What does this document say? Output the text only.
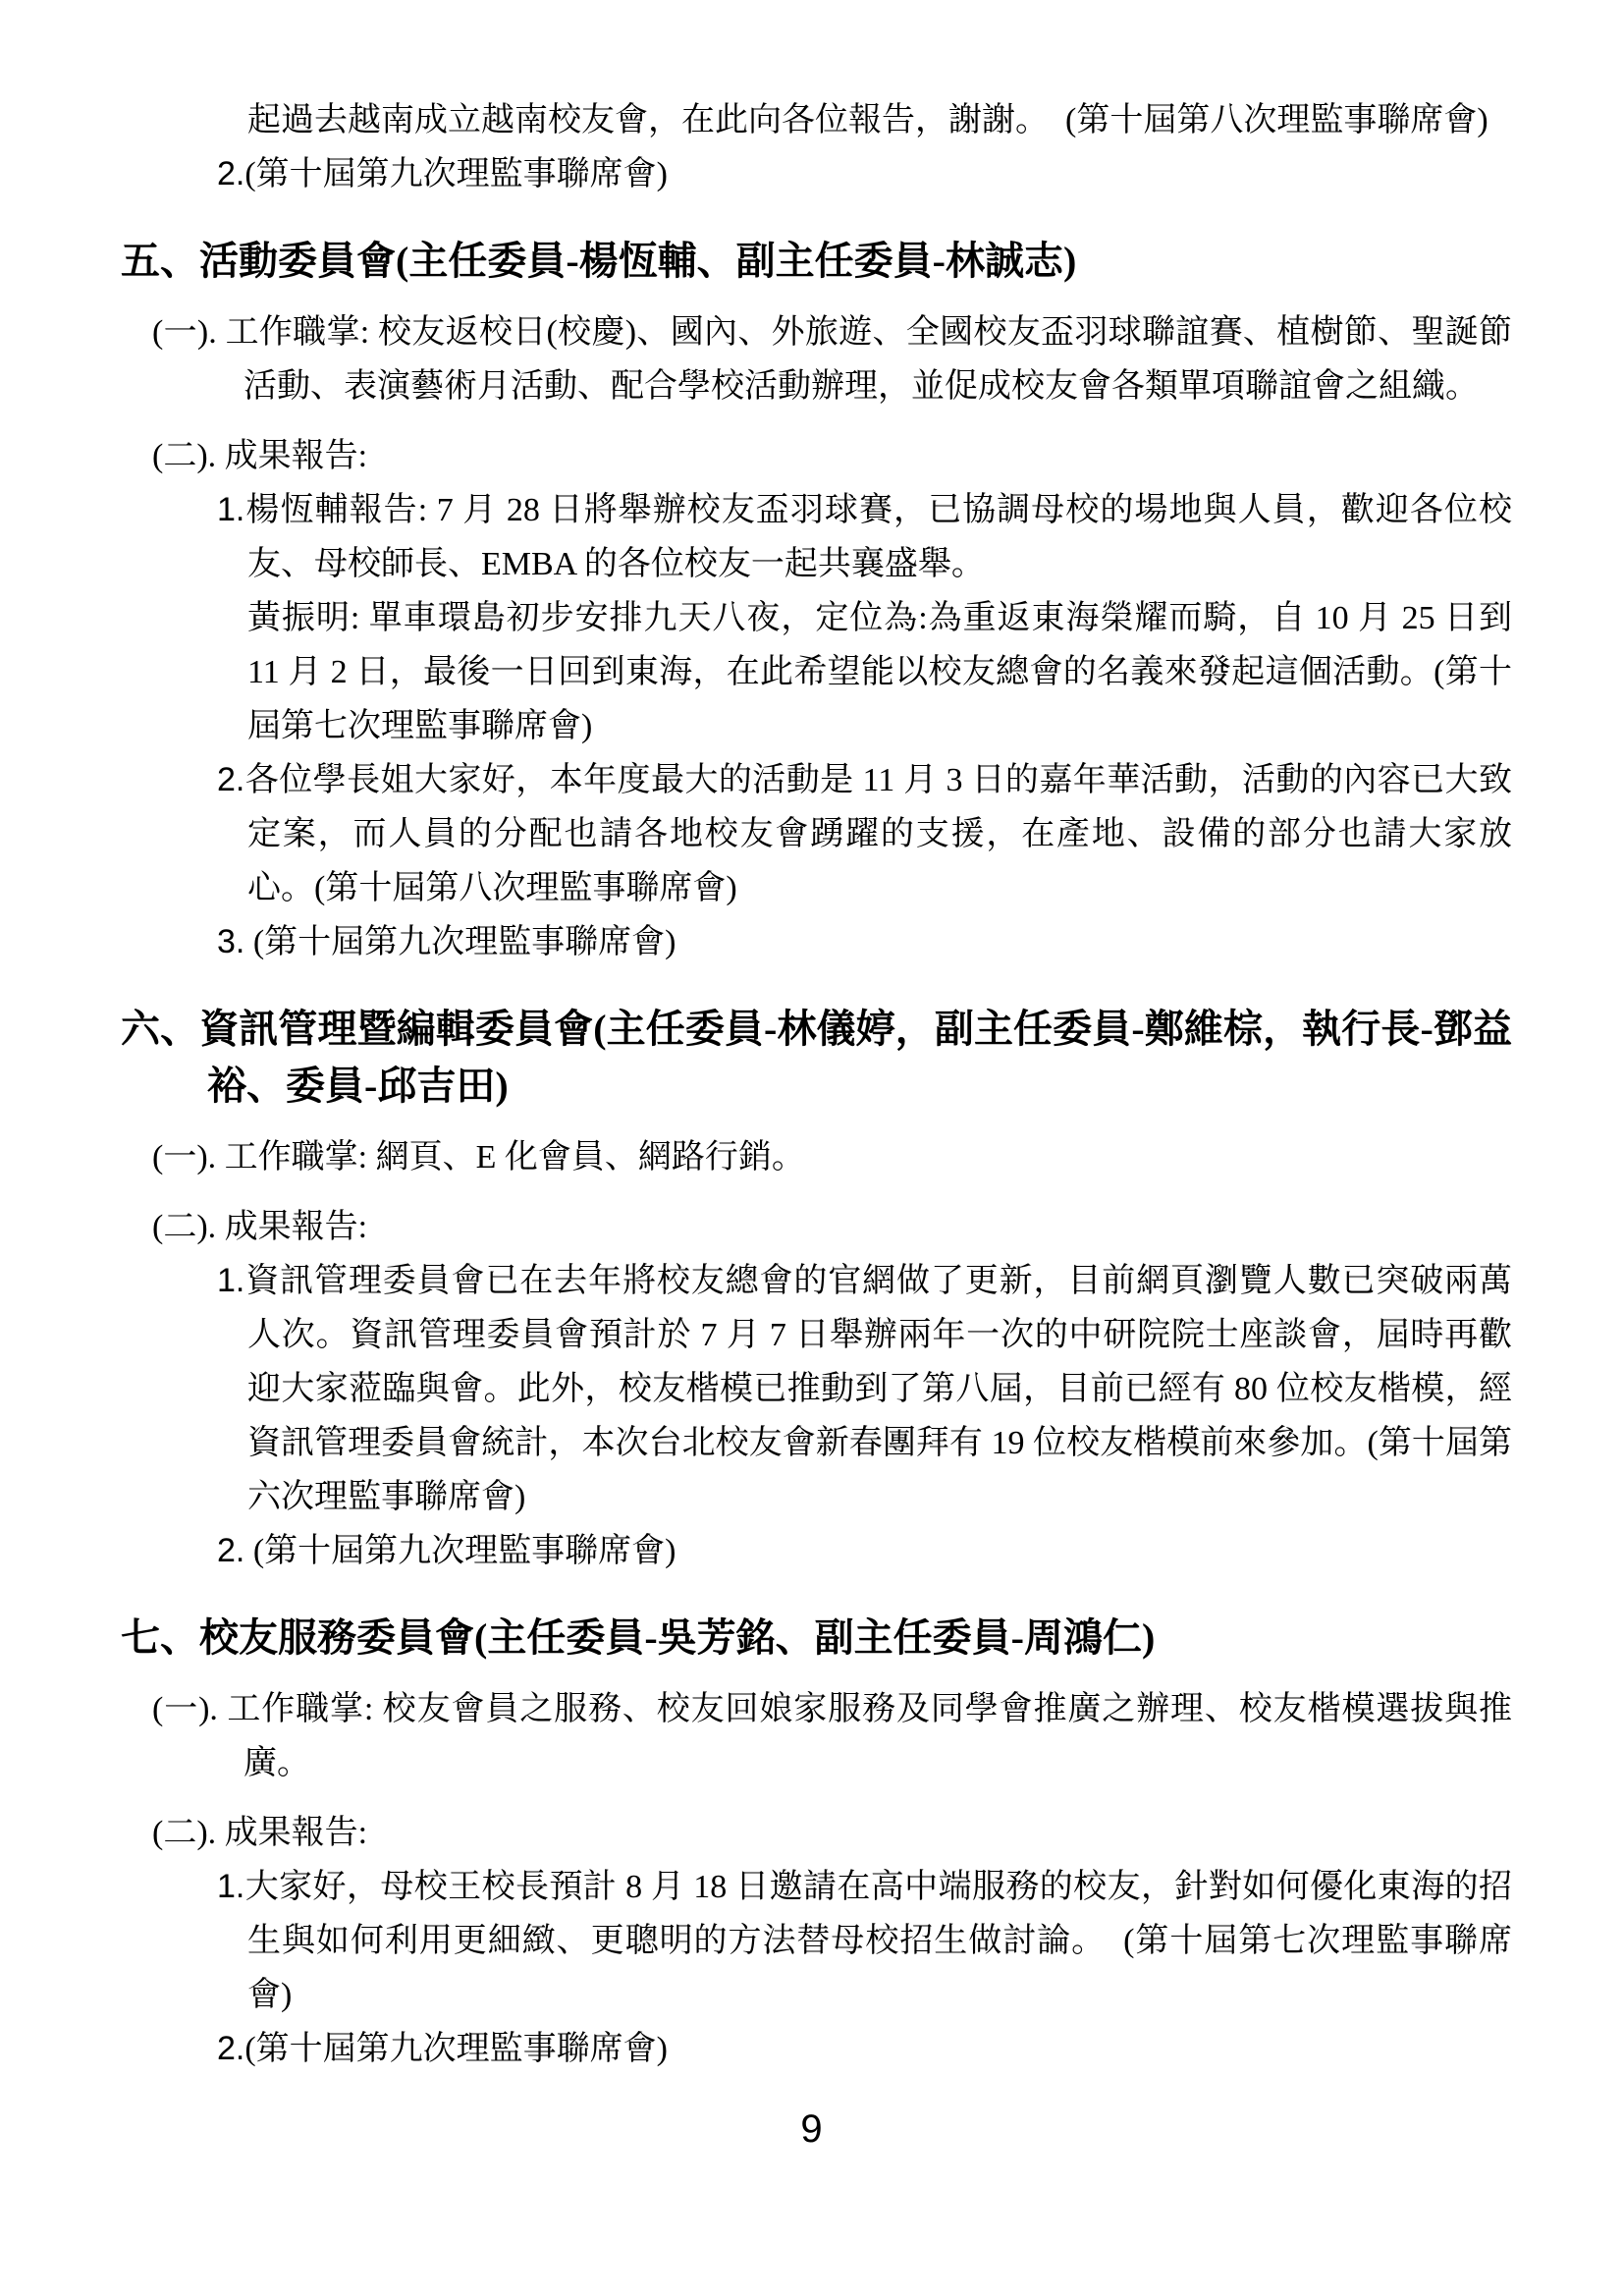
起過去越南成立越南校友會，在此向各位報告，謝謝。　(第十屆第八次理監事聯席會)

2.(第十屆第九次理監事聯席會)

五、活動委員會(主任委員-楊恆輔、副主任委員-林誠志)

(一). 工作職掌: 校友返校日(校慶)、國內、外旅遊、全國校友盃羽球聯誼賽、植樹節、聖誕節活動、表演藝術月活動、配合學校活動辦理，並促成校友會各類單項聯誼會之組織。

(二). 成果報告:

1.楊恆輔報告: 7 月 28 日將舉辦校友盃羽球賽，已協調母校的場地與人員，歡迎各位校友、母校師長、EMBA 的各位校友一起共襄盛舉。

黃振明: 單車環島初步安排九天八夜，定位為:為重返東海榮耀而騎，自 10 月 25 日到 11 月 2 日，最後一日回到東海，在此希望能以校友總會的名義來發起這個活動。(第十屆第七次理監事聯席會)

2.各位學長姐大家好，本年度最大的活動是 11 月 3 日的嘉年華活動，活動的內容已大致定案，而人員的分配也請各地校友會踴躍的支援，在產地、設備的部分也請大家放心。(第十屆第八次理監事聯席會)

3. (第十屆第九次理監事聯席會)

六、資訊管理暨編輯委員會(主任委員-林儀婷，副主任委員-鄭維棕，執行長-鄧益裕、委員-邱吉田)

(一). 工作職掌: 網頁、E 化會員、網路行銷。

(二). 成果報告:

1.資訊管理委員會已在去年將校友總會的官網做了更新，目前網頁瀏覽人數已突破兩萬人次。資訊管理委員會預計於 7 月 7 日舉辦兩年一次的中研院院士座談會，屆時再歡迎大家蒞臨與會。此外，校友楷模已推動到了第八屆，目前已經有 80 位校友楷模，經資訊管理委員會統計，本次台北校友會新春團拜有 19 位校友楷模前來參加。(第十屆第六次理監事聯席會)

2. (第十屆第九次理監事聯席會)

七、校友服務委員會(主任委員-吳芳銘、副主任委員-周鴻仁)

(一). 工作職掌: 校友會員之服務、校友回娘家服務及同學會推廣之辦理、校友楷模選拔與推廣。

(二). 成果報告:

1.大家好，母校王校長預計 8 月 18 日邀請在高中端服務的校友，針對如何優化東海的招生與如何利用更細緻、更聰明的方法替母校招生做討論。　(第十屆第七次理監事聯席會)

2.(第十屆第九次理監事聯席會)

9
